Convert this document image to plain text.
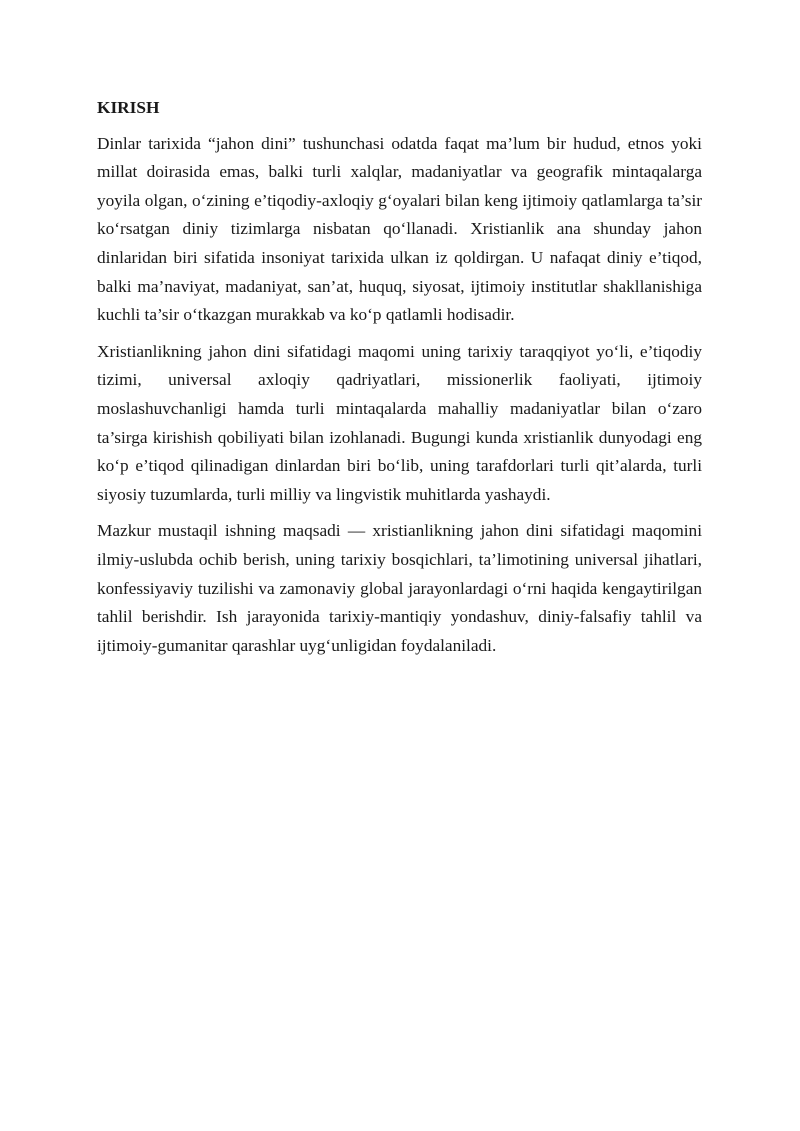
KIRISH

Dinlar tarixida “jahon dini” tushunchasi odatda faqat ma’lum bir hudud, etnos yoki millat doirasida emas, balki turli xalqlar, madaniyatlar va geografik mintaqalarga yoyila olgan, o‘zining e’tiqodiy-axloqiy g‘oyalari bilan keng ijtimoiy qatlamlarga ta’sir ko‘rsatgan diniy tizimlarga nisbatan qo‘llanadi. Xristianlik ana shunday jahon dinlaridan biri sifatida insoniyat tarixida ulkan iz qoldirgan. U nafaqat diniy e’tiqod, balki ma’naviyat, madaniyat, san’at, huquq, siyosat, ijtimoiy institutlar shakllanishiga kuchli ta’sir o‘tkazgan murakkab va ko‘p qatlamli hodisadir.

Xristianlikning jahon dini sifatidagi maqomi uning tarixiy taraqqiyot yo‘li, e’tiqodiy tizimi, universal axloqiy qadriyatlari, missionerlik faoliyati, ijtimoiy moslashuvchanligi hamda turli mintaqalarda mahalliy madaniyatlar bilan o‘zaro ta’sirga kirishish qobiliyati bilan izohlanadi. Bugungi kunda xristianlik dunyodagi eng ko‘p e’tiqod qilinadigan dinlardan biri bo‘lib, uning tarafdorlari turli qit’alarda, turli siyosiy tuzumlarda, turli milliy va lingvistik muhitlarda yashaydi.

Mazkur mustaqil ishning maqsadi — xristianlikning jahon dini sifatidagi maqomini ilmiy-uslubda ochib berish, uning tarixiy bosqichlari, ta’limotining universal jihatlari, konfessiyaviy tuzilishi va zamonaviy global jarayonlardagi o‘rni haqida kengaytirilgan tahlil berishdir. Ish jarayonida tarixiy-mantiqiy yondashuv, diniy-falsafiy tahlil va ijtimoiy-gumanitar qarashlar uyg‘unligidan foydalaniladi.
